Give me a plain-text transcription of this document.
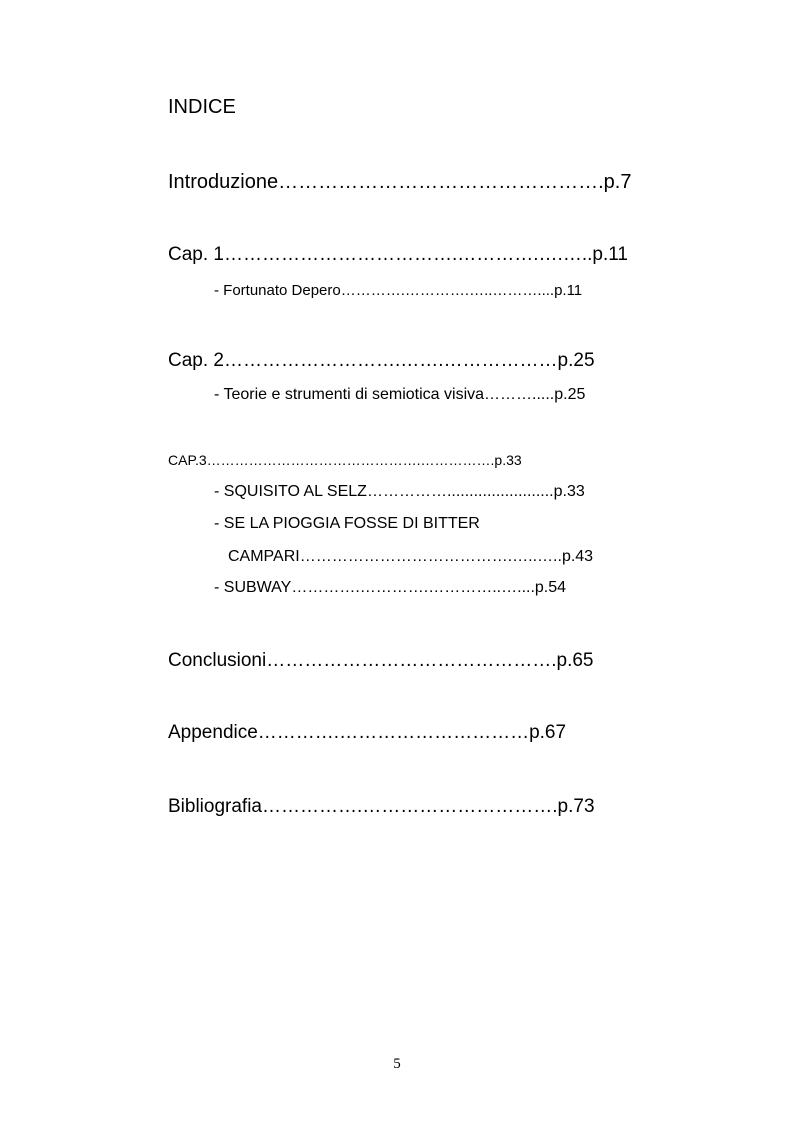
INDICE
Introduzione………………………………………….p.7
Cap. 1……………………………….………….….…..p.11
- Fortunato Depero………….………….…..………....p.11
Cap. 2……………………….…….………………p.25
- Teorie e strumenti di semiotica visiva……….....p.25
CAP.3……………………………………….…………….p.33
- SQUISITO AL SELZ……………........................p.33
- SE LA PIOGGIA FOSSE DI BITTER
CAMPARI………………………………….…..…..p.43
- SUBWAY………….………….…………..…....p.54
Conclusioni……………………………………….p.65
Appendice………….…………………………p.67
Bibliografia…………….………………………….p.73
5
